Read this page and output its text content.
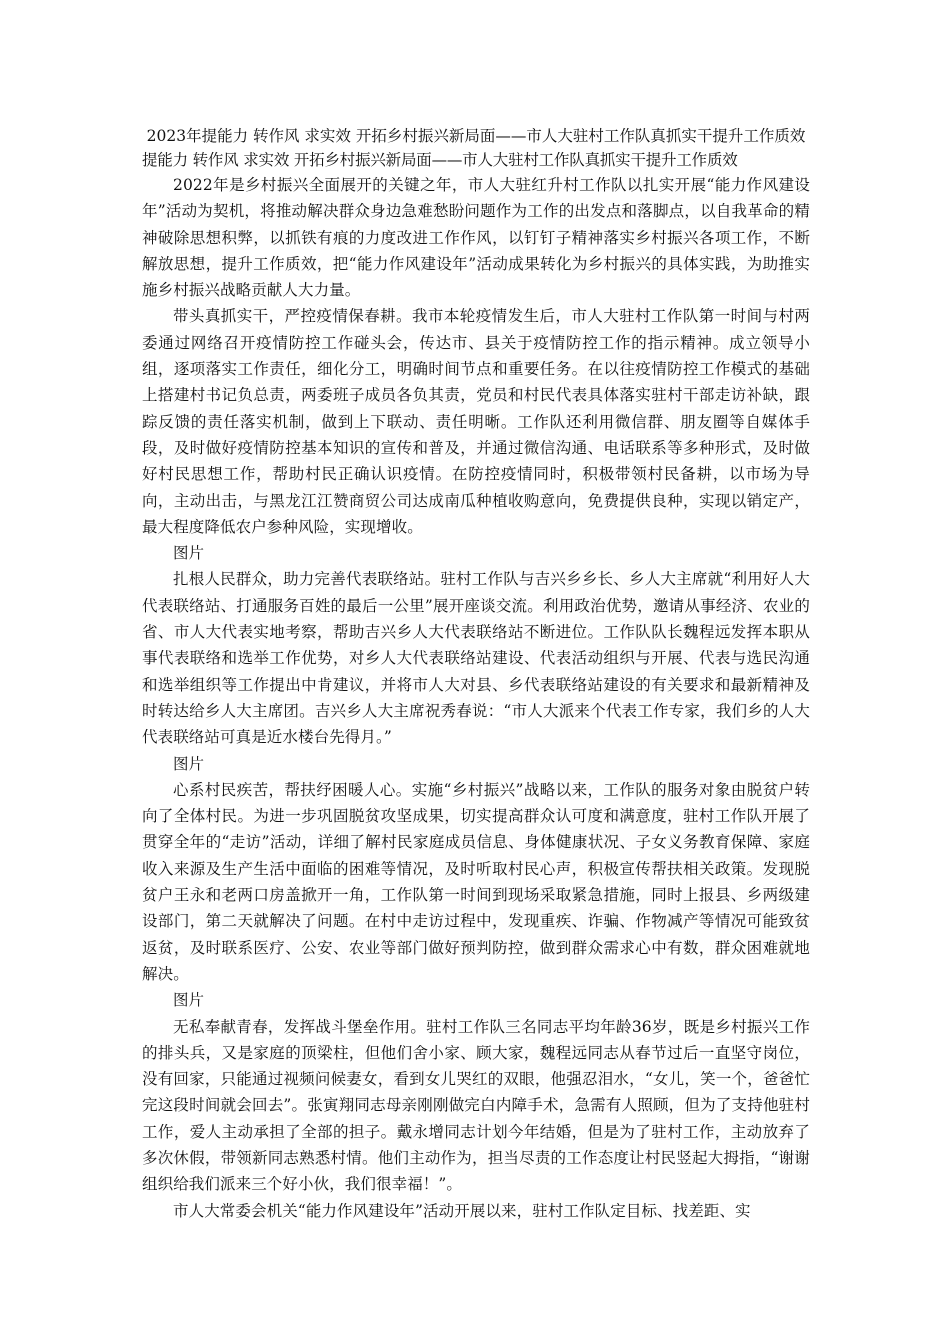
2023年提能力 转作风 求实效 开拓乡村振兴新局面——市人大驻村工作队真抓实干提升工作质效

提能力 转作风 求实效 开拓乡村振兴新局面——市人大驻村工作队真抓实干提升工作质效

2022年是乡村振兴全面展开的关键之年，市人大驻红升村工作队以扎实开展“能力作风建设年”活动为契机，将推动解决群众身边急难愁盼问题作为工作的出发点和落脚点，以自我革命的精神破除思想积弊，以抓铁有痕的力度改进工作作风，以钉钉子精神落实乡村振兴各项工作，不断解放思想，提升工作质效，把“能力作风建设年”活动成果转化为乡村振兴的具体实践，为助推实施乡村振兴战略贡献人大力量。

带头真抓实干，严控疫情保春耕。我市本轮疫情发生后，市人大驻村工作队第一时间与村两委通过网络召开疫情防控工作碰头会，传达市、县关于疫情防控工作的指示精神。成立领导小组，逐项落实工作责任，细化分工，明确时间节点和重要任务。在以往疫情防控工作模式的基础上搭建村书记负总责，两委班子成员各负其责，党员和村民代表具体落实驻村干部走访补缺，跟踪反馈的责任落实机制，做到上下联动、责任明晰。工作队还利用微信群、朋友圈等自媒体手段，及时做好疫情防控基本知识的宣传和普及，并通过微信沟通、电话联系等多种形式，及时做好村民思想工作，帮助村民正确认识疫情。在防控疫情同时，积极带领村民备耕，以市场为导向，主动出击，与黑龙江江赞商贸公司达成南瓜种植收购意向，免费提供良种，实现以销定产，最大程度降低农户参种风险，实现增收。

图片

扎根人民群众，助力完善代表联络站。驻村工作队与吉兴乡乡长、乡人大主席就“利用好人大代表联络站、打通服务百姓的最后一公里”展开座谈交流。利用政治优势，邀请从事经济、农业的省、市人大代表实地考察，帮助吉兴乡人大代表联络站不断进位。工作队队长魏程远发挥本职从事代表联络和选举工作优势，对乡人大代表联络站建设、代表活动组织与开展、代表与选民沟通和选举组织等工作提出中肯建议，并将市人大对县、乡代表联络站建设的有关要求和最新精神及时转达给乡人大主席团。吉兴乡人大主席祝秀春说：“市人大派来个代表工作专家，我们乡的人大代表联络站可真是近水楼台先得月。”

图片

心系村民疾苦，帮扶纾困暖人心。实施“乡村振兴”战略以来，工作队的服务对象由脱贫户转向了全体村民。为进一步巩固脱贫攻坚成果，切实提高群众认可度和满意度，驻村工作队开展了贯穿全年的“走访”活动，详细了解村民家庭成员信息、身体健康状况、子女义务教育保障、家庭收入来源及生产生活中面临的困难等情况，及时听取村民心声，积极宣传帮扶相关政策。发现脱贫户王永和老两口房盖掀开一角，工作队第一时间到现场采取紧急措施，同时上报县、乡两级建设部门，第二天就解决了问题。在村中走访过程中，发现重疾、诈骗、作物减产等情况可能致贫返贫，及时联系医疗、公安、农业等部门做好预判防控，做到群众需求心中有数，群众困难就地解决。

图片

无私奉献青春，发挥战斗堡垒作用。驻村工作队三名同志平均年龄36岁，既是乡村振兴工作的排头兵，又是家庭的顶梁柱，但他们舍小家、顾大家，魏程远同志从春节过后一直坚守岗位，没有回家，只能通过视频问候妻女，看到女儿哭红的双眼，他强忍泪水，“女儿，笑一个，爸爸忙完这段时间就会回去”。张寅翔同志母亲刚刚做完白内障手术，急需有人照顾，但为了支持他驻村工作，爱人主动承担了全部的担子。戴永增同志计划今年结婚，但是为了驻村工作，主动放弃了多次休假，带领新同志熟悉村情。他们主动作为，担当尽责的工作态度让村民竖起大拇指，“谢谢组织给我们派来三个好小伙，我们很幸福！”。

市人大常委会机关“能力作风建设年”活动开展以来，驻村工作队定目标、找差距、实
